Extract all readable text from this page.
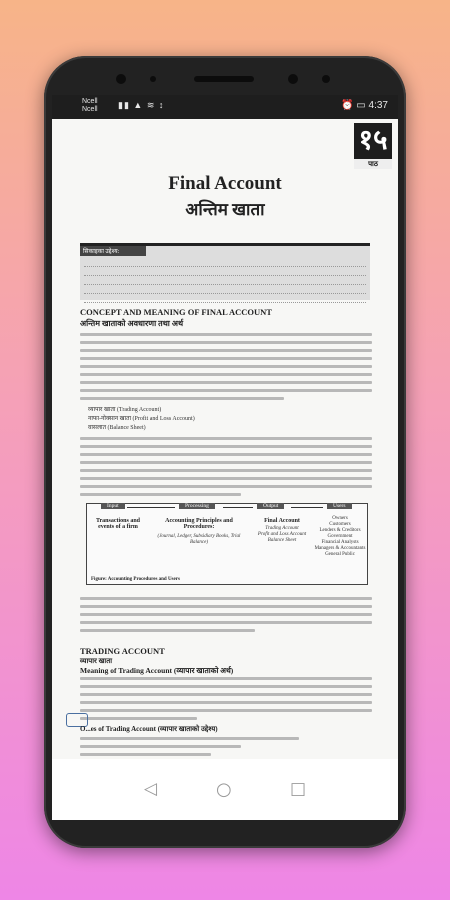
Ncell
Ncell ▮▮ ▲ ≋ ↕	⏰ ▭ 4:37
१५
पाठ
Final Account
अन्तिम खाता
सिकाइका उद्देश्य:
CONCEPT AND MEANING OF FINAL ACCOUNT
अन्तिम खाताको अवधारणा तथा अर्थ
व्यापार खाता (Trading Account)
नाफा-नोक्सान खाता (Profit and Loss Account)
वासलात (Balance Sheet)
Input	Processing	Output	Users
Transactions and events of a firm
Accounting Principles and Procedures:
(Journal, Ledger, Subsidiary Books, Trial Balance)
Final Account
Trading Account
Profit and Loss Account
Balance Sheet
Owners
Customers
Lenders & Creditors
Government
Financial Analysts
Managers & Accountants
General Public
Figure: Accounting Procedures and Users
TRADING ACCOUNT
व्यापार खाता
Meaning of Trading Account (व्यापार खाताको अर्थ)
O...es of Trading Account (व्यापार खाताको उद्देश्य)
◁	○	□
